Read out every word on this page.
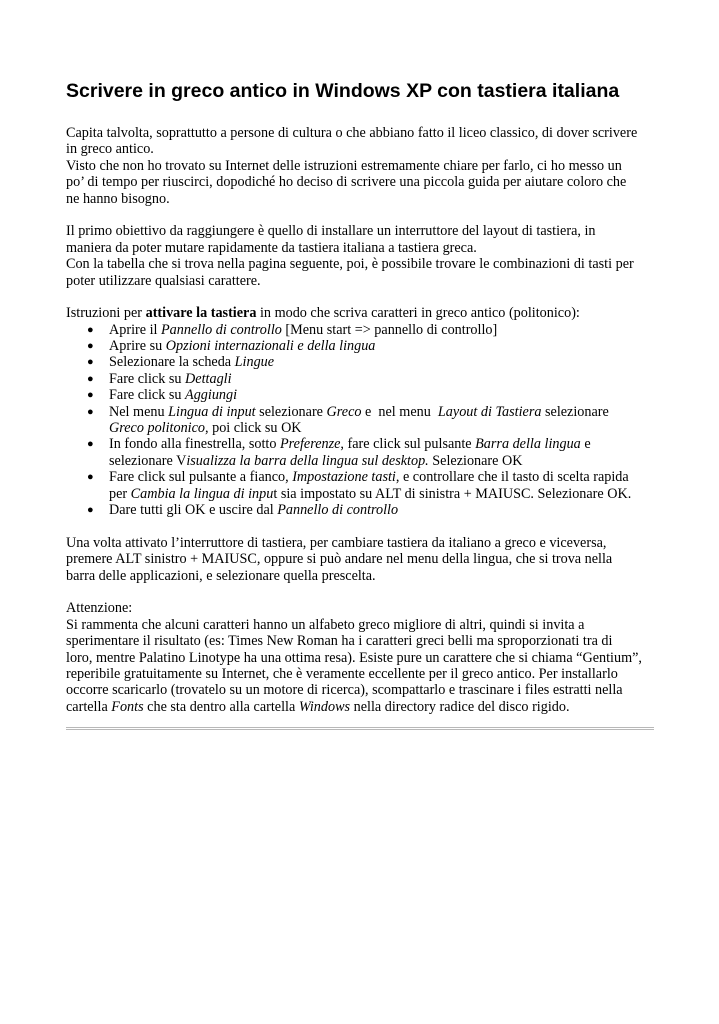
Scrivere in greco antico in Windows XP con tastiera italiana
Capita talvolta, soprattutto a persone di cultura o che abbiano fatto il liceo classico, di dover scrivere
in greco antico.
Visto che non ho trovato su Internet delle istruzioni estremamente chiare per farlo, ci ho messo un
po’ di tempo per riuscirci, dopodiché ho deciso di scrivere una piccola guida per aiutare coloro che
ne hanno bisogno.
Il primo obiettivo da raggiungere è quello di installare un interruttore del layout di tastiera, in
maniera da poter mutare rapidamente da tastiera italiana a tastiera greca.
Con la tabella che si trova nella pagina seguente, poi, è possibile trovare le combinazioni di tasti per
poter utilizzare qualsiasi carattere.
Istruzioni per attivare la tastiera in modo che scriva caratteri in greco antico (politonico):
● Aprire il Pannello di controllo [Menu start => pannello di controllo]
● Aprire su Opzioni internazionali e della lingua
● Selezionare la scheda Lingue
● Fare click su Dettagli
● Fare click su Aggiungi
● Nel menu Lingua di input selezionare Greco e  nel menu  Layout di Tastiera selezionare
Greco politonico, poi click su OK
● In fondo alla finestrella, sotto Preferenze, fare click sul pulsante Barra della lingua e
selezionare Visualizza la barra della lingua sul desktop. Selezionare OK
● Fare click sul pulsante a fianco, Impostazione tasti, e controllare che il tasto di scelta rapida
per Cambia la lingua di input sia impostato su ALT di sinistra + MAIUSC. Selezionare OK.
● Dare tutti gli OK e uscire dal Pannello di controllo
Una volta attivato l’interruttore di tastiera, per cambiare tastiera da italiano a greco e viceversa,
premere ALT sinistro + MAIUSC, oppure si può andare nel menu della lingua, che si trova nella
barra delle applicazioni, e selezionare quella prescelta.
Attenzione:
Si rammenta che alcuni caratteri hanno un alfabeto greco migliore di altri, quindi si invita a
sperimentare il risultato (es: Times New Roman ha i caratteri greci belli ma sproporzionati tra di
loro, mentre Palatino Linotype ha una ottima resa). Esiste pure un carattere che si chiama “Gentium”,
reperibile gratuitamente su Internet, che è veramente eccellente per il greco antico. Per installarlo
occorre scaricarlo (trovatelo su un motore di ricerca), scompattarlo e trascinare i files estratti nella
cartella Fonts che sta dentro alla cartella Windows nella directory radice del disco rigido.
